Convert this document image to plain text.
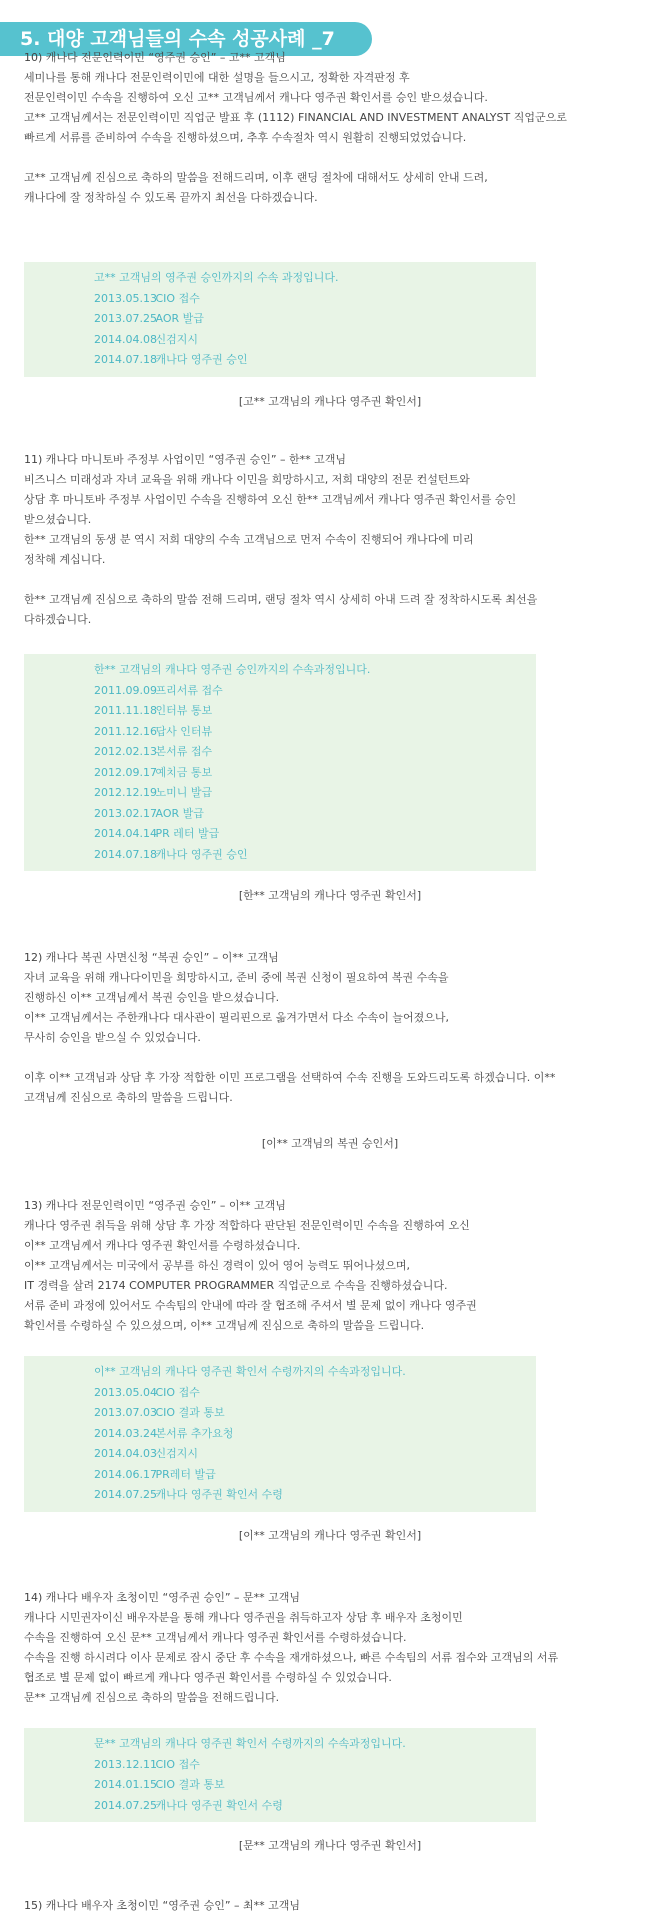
5. 대양 고객님들의 수속 성공사례 _7
10) 캐나다 전문인력이민 “영주권 승인” – 고** 고객님
세미나를 통해 캐나다 전문인력이민에 대한 설명을 들으시고, 정확한 자격판정 후
전문인력이민 수속을 진행하여 오신 고** 고객님께서 캐나다 영주권 확인서를 승인 받으셨습니다.
고** 고객님께서는 전문인력이민 직업군 발표 후 (1112) FINANCIAL AND INVESTMENT ANALYST 직업군으로
빠르게 서류를 준비하여 수속을 진행하셨으며, 추후 수속절차 역시 원활히 진행되었었습니다.
고** 고객님께 진심으로 축하의 말씀을 전해드리며, 이후 랜딩 절차에 대해서도 상세히 안내 드려,
캐나다에 잘 정착하실 수 있도록 끝까지 최선을 다하겠습니다.
고** 고객님의 영주권 승인까지의 수속 과정입니다.
2013.05.13 CIO 접수
2013.07.25 AOR 발급
2014.04.08 신검지시
2014.07.18 캐나다 영주권 승인
[고** 고객님의 캐나다 영주권 확인서]
11) 캐나다 마니토바 주정부 사업이민 “영주권 승인” – 한** 고객님
비즈니스 미래성과 자녀 교육을 위해 캐나다 이민을 희망하시고, 저희 대양의 전문 컨설턴트와
상담 후 마니토바 주정부 사업이민 수속을 진행하여 오신 한** 고객님께서 캐나다 영주권 확인서를 승인
받으셨습니다.
한** 고객님의 동생 분 역시 저희 대양의 수속 고객님으로 먼저 수속이 진행되어 캐나다에 미리
정착해 계십니다.
한** 고객님께 진심으로 축하의 말씀 전해 드리며, 랜딩 절차 역시 상세히 아내 드려 잘 정착하시도록 최선을
다하겠습니다.
한** 고객님의 캐나다 영주권 승인까지의 수속과정입니다.
2011.09.09 프리서류 접수
2011.11.18 인터뷰 통보
2011.12.16 답사 인터뷰
2012.02.13 본서류 접수
2012.09.17 예치금 통보
2012.12.19 노미니 발급
2013.02.17 AOR 발급
2014.04.14 PR 레터 발급
2014.07.18 캐나다 영주권 승인
[한** 고객님의 캐나다 영주권 확인서]
12) 캐나다 복권 사면신청 “복권 승인” – 이** 고객님
자녀 교육을 위해 캐나다이민을 희망하시고, 준비 중에 복권 신청이 필요하여 복권 수속을
진행하신 이** 고객님께서 복권 승인을 받으셨습니다.
이** 고객님께서는 주한캐나다 대사관이 필리핀으로 옮겨가면서 다소 수속이 늘어졌으나,
무사히 승인을 받으실 수 있었습니다.
이후 이** 고객님과 상담 후 가장 적합한 이민 프로그램을 선택하여 수속 진행을 도와드리도록 하겠습니다. 이**
고객님께 진심으로 축하의 말씀을 드립니다.
[이** 고객님의 복권 승인서]
13) 캐나다 전문인력이민 “영주권 승인” – 이** 고객님
캐나다 영주권 취득을 위해 상담 후 가장 적합하다 판단된 전문인력이민 수속을 진행하여 오신
이** 고객님께서 캐나다 영주권 확인서를 수령하셨습니다.
이** 고객님께서는 미국에서 공부를 하신 경력이 있어 영어 능력도 뛰어나셨으며,
IT 경력을 살려 2174 COMPUTER PROGRAMMER 직업군으로 수속을 진행하셨습니다.
서류 준비 과정에 있어서도 수속팀의 안내에 따라 잘 협조해 주셔서 별 문제 없이 캐나다 영주권
확인서를 수령하실 수 있으셨으며, 이** 고객님께 진심으로 축하의 말씀을 드립니다.
이** 고객님의 캐나다 영주권 확인서 수령까지의 수속과정입니다.
2013.05.04 CIO 접수
2013.07.03 CIO 결과 통보
2014.03.24 본서류 추가요청
2014.04.03 신검지시
2014.06.17 PR레터 발급
2014.07.25 캐나다 영주권 확인서 수령
[이** 고객님의 캐나다 영주권 확인서]
14) 캐나다 배우자 초청이민 “영주권 승인” – 문** 고객님
캐나다 시민권자이신 배우자분을 통해 캐나다 영주권을 취득하고자 상담 후 배우자 초청이민
수속을 진행하여 오신 문** 고객님께서 캐나다 영주권 확인서를 수령하셨습니다.
수속을 진행 하시려다 이사 문제로 잠시 중단 후 수속을 재개하셨으나, 빠른 수속팀의 서류 접수와 고객님의 서류
협조로 별 문제 없이 빠르게 캐나다 영주권 확인서를 수령하실 수 있었습니다.
문** 고객님께 진심으로 축하의 말씀을 전해드립니다.
문** 고객님의 캐나다 영주권 확인서 수령까지의 수속과정입니다.
2013.12.11 CIO 접수
2014.01.15 CIO 결과 통보
2014.07.25 캐나다 영주권 확인서 수령
[문** 고객님의 캐나다 영주권 확인서]
15) 캐나다 배우자 초청이민 “영주권 승인” – 최** 고객님
